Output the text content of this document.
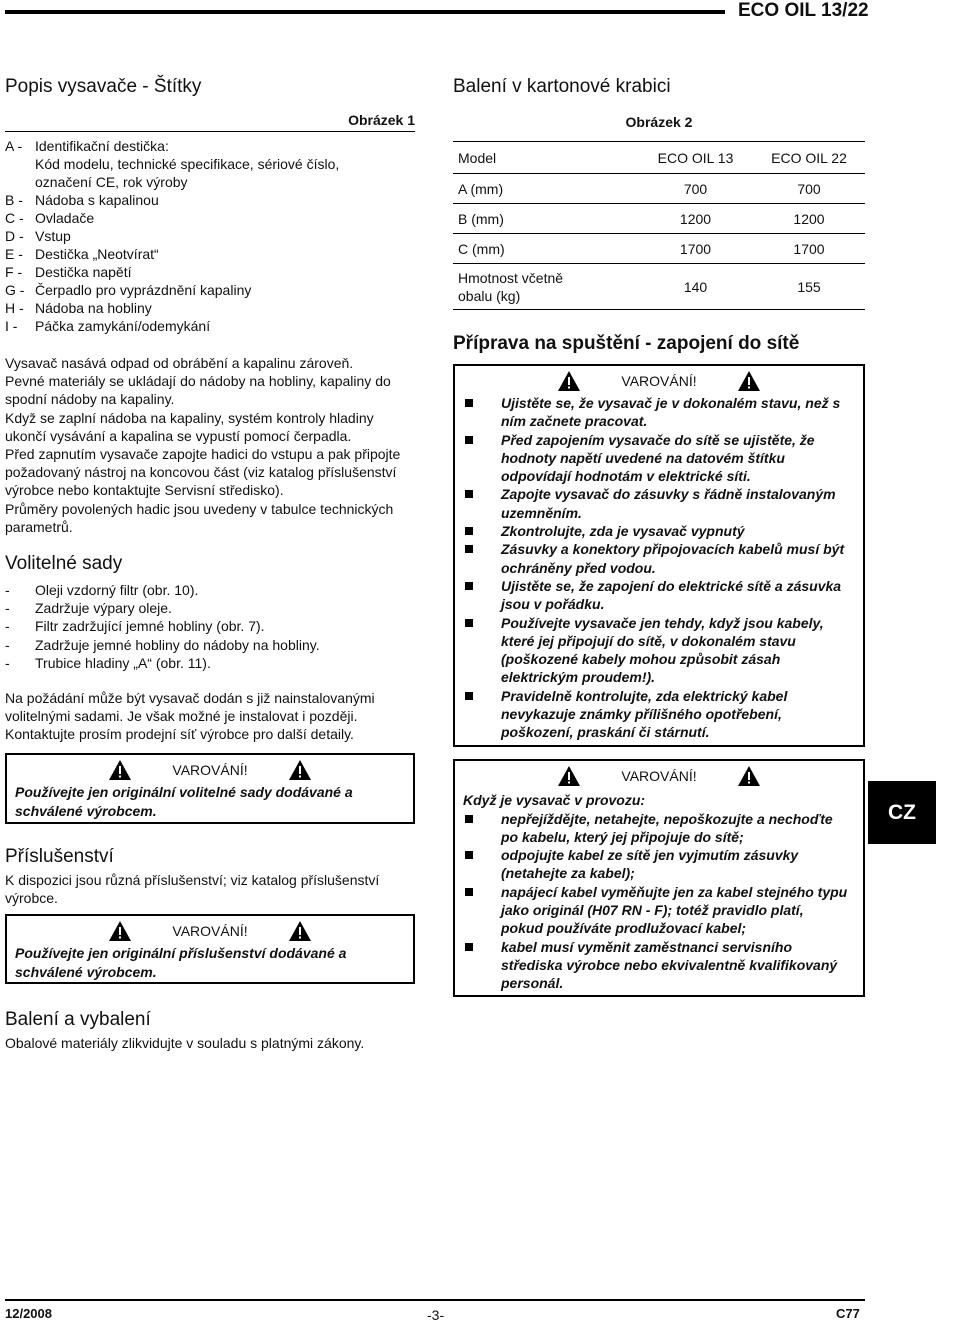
ECO OIL 13/22
Popis vysavače - Štítky
Obrázek 1
A - Identifikační destička:
Kód modelu, technické specifikace, sériové číslo,
označení CE, rok výroby
B - Nádoba s kapalinou
C - Ovladače
D - Vstup
E - Destička „Neotvírat“
F - Destička napětí
G - Čerpadlo pro vyprázdnění kapaliny
H - Nádoba na hobliny
I -	Páčka zamykání/odemykání

Vysavač nasává odpad od obrábění a kapalinu zároveň.

Pevné materiály se ukládají do nádoby na hobliny, kapaliny do spodní nádoby na kapaliny.

Když se zaplní nádoba na kapaliny, systém kontroly hladiny ukončí vysávání a kapalina se vypustí pomocí čerpadla.

Před zapnutím vysavače zapojte hadici do vstupu a pak připojte požadovaný nástroj na koncovou část (viz katalog příslušenství výrobce nebo kontaktujte Servisní středisko).

Průměry povolených hadic jsou uvedeny v tabulce technických parametrů.

Volitelné sady
-	Oleji vzdorný filtr (obr. 10).
-	Zadržuje výpary oleje.
-	Filtr zadržující jemné hobliny (obr. 7).
-	Zadržuje jemné hobliny do nádoby na hobliny.
-	Trubice hladiny „A“ (obr. 11).

Na požádání může být vysavač dodán s již nainstalovanými volitelnými sadami. Je však možné je instalovat i později. Kontaktujte prosím prodejní síť výrobce pro další detaily.

VAROVÁNÍ!
Používejte jen originální volitelné sady dodávané a schválené výrobcem.
Příslušenství

K dispozici jsou různá příslušenství; viz katalog příslušenství výrobce.

VAROVÁNÍ!
Používejte jen originální příslušenství dodávané a schválené výrobcem.
Balení a vybalení

Obalové materiály zlikvidujte v souladu s platnými zákony.

Balení v kartonové krabici
Obrázek 2
Model	ECO OIL 13	ECO OIL 22
A (mm)	700	700
B (mm)	1200	1200
C (mm)	1700	1700
Hmotnost včetně obalu (kg)	140	155
Příprava na spuštění - zapojení do sítě
VAROVÁNÍ!
Ujistěte se, že vysavač je v dokonalém stavu, než s ním začnete pracovat.
Před zapojením vysavače do sítě se ujistěte, že hodnoty napětí uvedené na datovém štítku odpovídají hodnotám v elektrické síti.
Zapojte vysavač do zásuvky s řádně instalovaným uzemněním.
Zkontrolujte, zda je vysavač vypnutý
Zásuvky a konektory připojovacích kabelů musí být ochráněny před vodou.
Ujistěte se, že zapojení do elektrické sítě a zásuvka jsou v pořádku.
Používejte vysavače jen tehdy, když jsou kabely, které jej připojují do sítě, v dokonalém stavu (poškozené kabely mohou způsobit zásah elektrickým proudem!).
Pravidelně kontrolujte, zda elektrický kabel nevykazuje známky přílišného opotřebení, poškození, praskání či stárnutí.
VAROVÁNÍ!
Když je vysavač v provozu:
nepřejíždějte, netahejte, nepoškozujte a nechoďte po kabelu, který jej připojuje do sítě;
odpojujte kabel ze sítě jen vyjmutím zásuvky (netahejte za kabel);
napájecí kabel vyměňujte jen za kabel stejného typu jako originál (H07 RN - F); totéž pravidlo platí, pokud používáte prodlužovací kabel;
kabel musí vyměnit zaměstnanci servisního střediska výrobce nebo ekvivalentně kvalifikovaný personál.
CZ
12/2008	-3-	C77
